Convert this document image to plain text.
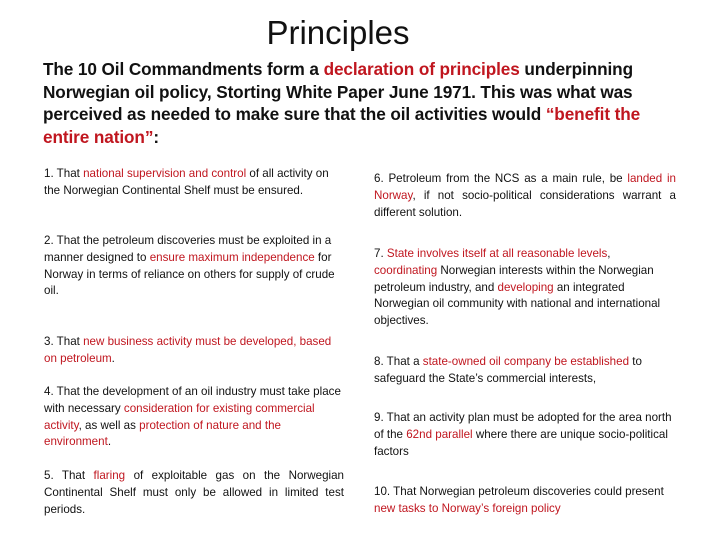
Principles
The 10 Oil Commandments form a declaration of principles underpinning Norwegian oil policy, Storting White Paper June 1971. This was what was perceived as needed to make sure that the oil activities would “benefit the entire nation”:
1. That national supervision and control of all activity on the Norwegian Continental Shelf must be ensured.
2. That the petroleum discoveries must be exploited in a manner designed to ensure maximum independence for Norway in terms of reliance on others for supply of crude oil.
3. That new business activity must be developed, based on petroleum.
4. That the development of an oil industry must take place with necessary consideration for existing commercial activity, as well as protection of nature and the environment.
5. That flaring of exploitable gas on the Norwegian Continental Shelf must only be allowed in limited test periods.
6. Petroleum from the NCS as a main rule, be landed in Norway, if not socio-political considerations warrant a different solution.
7. State involves itself at all reasonable levels, coordinating Norwegian interests within the Norwegian petroleum industry, and developing an integrated Norwegian oil community with national and international objectives.
8. That a state-owned oil company be established to safeguard the State’s commercial interests,
9. That an activity plan must be adopted for the area north of the 62nd parallel where there are unique socio-political factors
10. That Norwegian petroleum discoveries could present new tasks to Norway’s foreign policy
